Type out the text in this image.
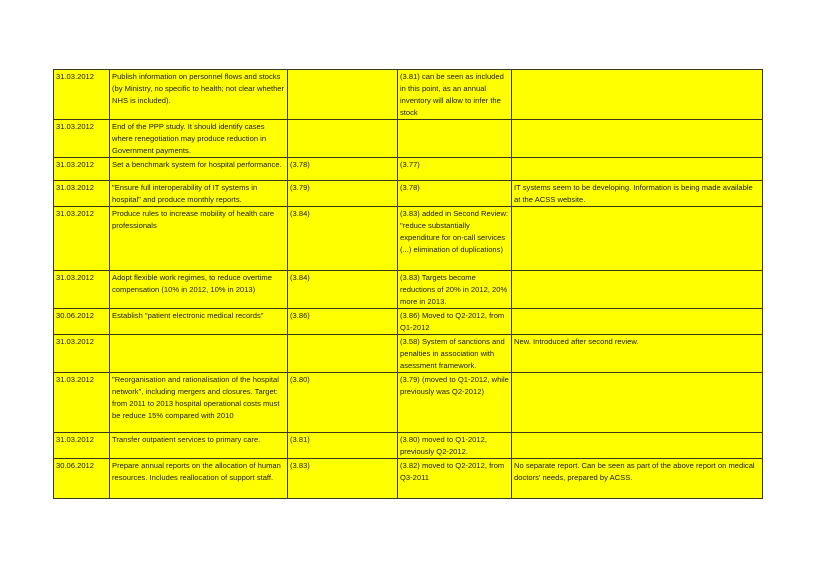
31.03.2012	Publish information on personnel flows and stocks (by Ministry, no specific to health; not clear whether NHS is included).		(3.81) can be seen as included in this point, as an annual inventory will allow to infer the stock	
31.03.2012	End of the PPP study. It should identify cases where renegotiation may produce reduction in Government payments.			
31.03.2012	Set a benchmark system for hospital performance.	(3.78)	(3.77)	
31.03.2012	"Ensure full interoperability of IT systems in hospital" and produce monthly reports.	(3.79)	(3.78)	IT systems seem to be developing. Information is being made available at the ACSS website.
31.03.2012	Produce rules to increase mobility of health care professionals	(3.84)	(3.83) added in Second Review: "reduce substantially expenditure for on-call services (...) elimination of duplications)	
31.03.2012	Adopt flexible work regimes, to reduce overtime compensation (10% in 2012, 10% in 2013)	(3.84)	(3.83) Targets become reductions of 20% in 2012, 20% more in 2013.	
30.06.2012	Establish "patient electronic medical records"	(3.86)	(3.86) Moved to Q2-2012, from Q1-2012	
31.03.2012			(3.58) System of sanctions and penalties in association with asessment framework.	New. Introduced after second review.
31.03.2012	"Reorganisation and rationalisation of the hospital network", including mergers and closures. Target: from 2011 to 2013 hospital operational costs must be reduce 15% compared with 2010	(3.80)	(3.79) (moved to Q1-2012, while previously was Q2-2012)	
31.03.2012	Transfer outpatient services to primary care.	(3.81)	(3.80) moved to Q1-2012, previously Q2-2012.	
30.06.2012	Prepare annual reports on the allocation of human resources. Includes reallocation of support staff.	(3.83)	(3.82) moved to Q2-2012, from Q3-2011	No separate report. Can be seen as part of the above report on medical doctors' needs, prepared by ACSS.
